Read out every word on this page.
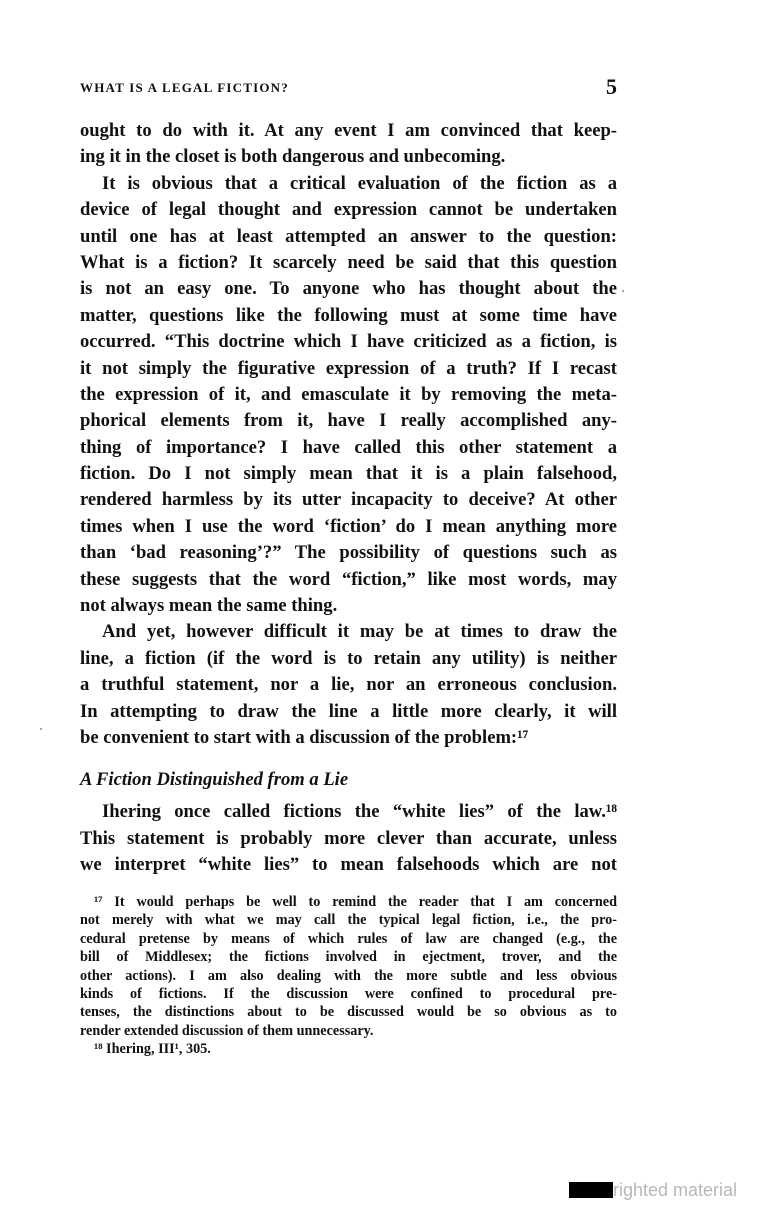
WHAT IS A LEGAL FICTION?	5
ought to do with it. At any event I am convinced that keep-
ing it in the closet is both dangerous and unbecoming.
It is obvious that a critical evaluation of the fiction as a
device of legal thought and expression cannot be undertaken
until one has at least attempted an answer to the question:
What is a fiction? It scarcely need be said that this question
is not an easy one. To anyone who has thought about the
matter, questions like the following must at some time have
occurred. “This doctrine which I have criticized as a fiction, is
it not simply the figurative expression of a truth? If I recast
the expression of it, and emasculate it by removing the meta-
phorical elements from it, have I really accomplished any-
thing of importance? I have called this other statement a
fiction. Do I not simply mean that it is a plain falsehood,
rendered harmless by its utter incapacity to deceive? At other
times when I use the word ‘fiction’ do I mean anything more
than ‘bad reasoning’?” The possibility of questions such as
these suggests that the word “fiction,” like most words, may
not always mean the same thing.
And yet, however difficult it may be at times to draw the
line, a fiction (if the word is to retain any utility) is neither
a truthful statement, nor a lie, nor an erroneous conclusion.
In attempting to draw the line a little more clearly, it will
be convenient to start with a discussion of the problem:¹⁷
A Fiction Distinguished from a Lie
Ihering once called fictions the “white lies” of the law.¹⁸
This statement is probably more clever than accurate, unless
we interpret “white lies” to mean falsehoods which are not
¹⁷ It would perhaps be well to remind the reader that I am concerned
not merely with what we may call the typical legal fiction, i.e., the pro-
cedural pretense by means of which rules of law are changed (e.g., the
bill of Middlesex; the fictions involved in ejectment, trover, and the
other actions). I am also dealing with the more subtle and less obvious
kinds of fictions. If the discussion were confined to procedural pre-
tenses, the distinctions about to be discussed would be so obvious as to
render extended discussion of them unnecessary.
¹⁸ Ihering, III¹, 305.
righted material
